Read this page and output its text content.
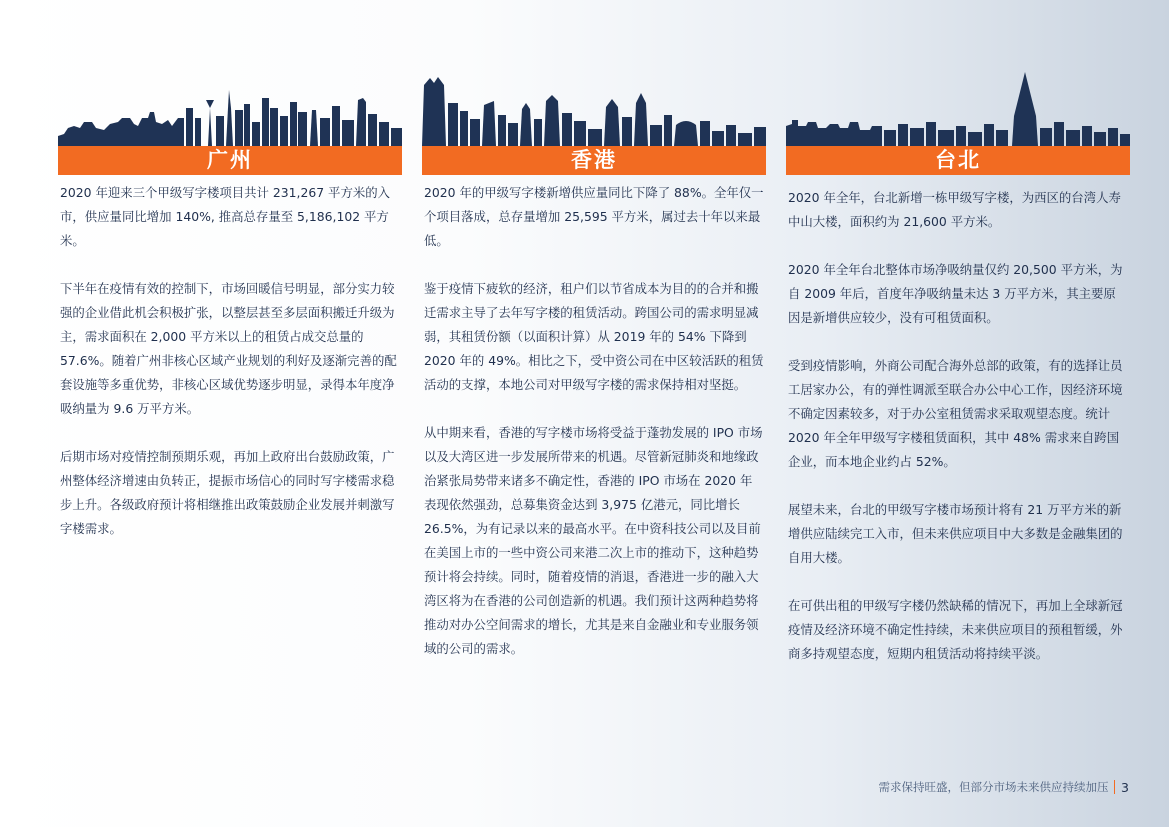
广州

2020 年迎来三个甲级写字楼项目共计 231,267 平方米的入市，供应量同比增加 140%, 推高总存量至 5,186,102 平方米。

下半年在疫情有效的控制下，市场回暖信号明显，部分实力较强的企业借此机会积极扩张，以整层甚至多层面积搬迁升级为主，需求面积在 2,000 平方米以上的租赁占成交总量的 57.6%。随着广州非核心区域产业规划的利好及逐渐完善的配套设施等多重优势，非核心区域优势逐步明显，录得本年度净吸纳量为 9.6 万平方米。

后期市场对疫情控制预期乐观，再加上政府出台鼓励政策，广州整体经济增速由负转正，提振市场信心的同时写字楼需求稳步上升。各级政府预计将相继推出政策鼓励企业发展并刺激写字楼需求。

香港

2020 年的甲级写字楼新增供应量同比下降了 88%。全年仅一个项目落成，总存量增加 25,595 平方米，属过去十年以来最低。

鉴于疫情下疲软的经济，租户们以节省成本为目的的合并和搬迁需求主导了去年写字楼的租赁活动。跨国公司的需求明显减弱，其租赁份额（以面积计算）从 2019 年的 54% 下降到 2020 年的 49%。相比之下，受中资公司在中区较活跃的租赁活动的支撑，本地公司对甲级写字楼的需求保持相对坚挺。

从中期来看，香港的写字楼市场将受益于蓬勃发展的 IPO 市场以及大湾区进一步发展所带来的机遇。尽管新冠肺炎和地缘政治紧张局势带来诸多不确定性，香港的 IPO 市场在 2020 年表现依然强劲，总募集资金达到 3,975 亿港元，同比增长 26.5%，为有记录以来的最高水平。在中资科技公司以及目前在美国上市的一些中资公司来港二次上市的推动下，这种趋势预计将会持续。同时，随着疫情的消退，香港进一步的融入大湾区将为在香港的公司创造新的机遇。我们预计这两种趋势将推动对办公空间需求的增长，尤其是来自金融业和专业服务领域的公司的需求。

台北

2020 年全年，台北新增一栋甲级写字楼，为西区的台湾人寿中山大楼，面积约为 21,600 平方米。

2020 年全年台北整体市场净吸纳量仅约 20,500 平方米，为自 2009 年后，首度年净吸纳量未达 3 万平方米，其主要原因是新增供应较少，没有可租赁面积。

受到疫情影响，外商公司配合海外总部的政策，有的选择让员工居家办公，有的弹性调派至联合办公中心工作，因经济环境不确定因素较多，对于办公室租赁需求采取观望态度。统计 2020 年全年甲级写字楼租赁面积，其中 48% 需求来自跨国企业，而本地企业约占 52%。

展望未来，台北的甲级写字楼市场预计将有 21 万平方米的新增供应陆续完工入市，但未来供应项目中大多数是金融集团的自用大楼。

在可供出租的甲级写字楼仍然缺稀的情况下，再加上全球新冠疫情及经济环境不确定性持续，未来供应项目的预租暂缓，外商多持观望态度，短期内租赁活动将持续平淡。

需求保持旺盛，但部分市场未来供应持续加压 3
